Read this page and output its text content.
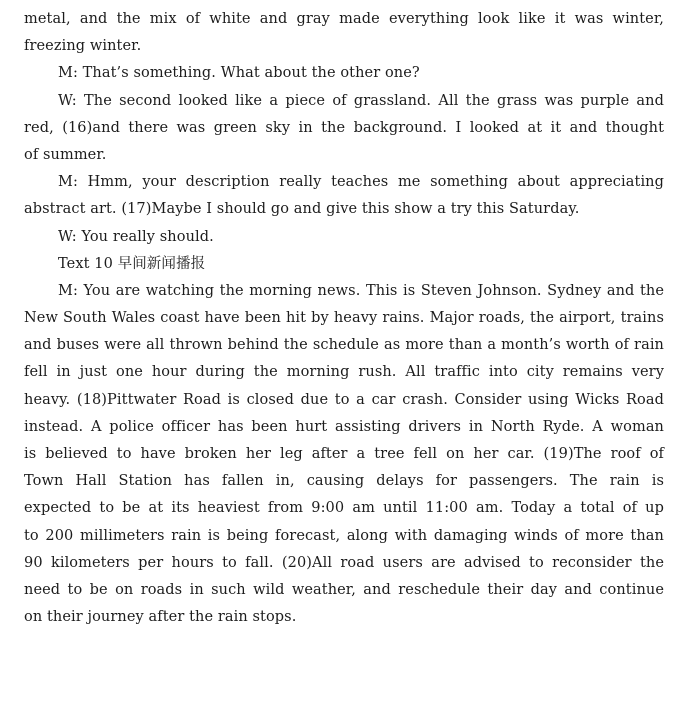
metal, and the mix of white and gray made everything look like it was winter,
freezing winter.
M: That’s something. What about the other one?
W: The second looked like a piece of grassland. All the grass was purple and
red, (16)and there was green sky in the background. I looked at it and thought
of summer.
M: Hmm, your description really teaches me something about appreciating
abstract art. (17)Maybe I should go and give this show a try this Saturday.
W: You really should.
Text 10 早间新闻播报
M: You are watching the morning news. This is Steven Johnson. Sydney and the
New South Wales coast have been hit by heavy rains. Major roads, the airport, trains
and buses were all thrown behind the schedule as more than a month’s worth of rain
fell in just one hour during the morning rush. All traffic into city remains very
heavy. (18)Pittwater Road is closed due to a car crash. Consider using Wicks Road
instead. A police officer has been hurt assisting drivers in North Ryde. A woman
is believed to have broken her leg after a tree fell on her car. (19)The roof of
Town Hall Station has fallen in, causing delays for passengers. The rain is
expected to be at its heaviest from 9:00 am until 11:00 am. Today a total of up
to 200 millimeters rain is being forecast, along with damaging winds of more than
90 kilometers per hours to fall. (20)All road users are advised to reconsider the
need to be on roads in such wild weather, and reschedule their day and continue
on their journey after the rain stops.
